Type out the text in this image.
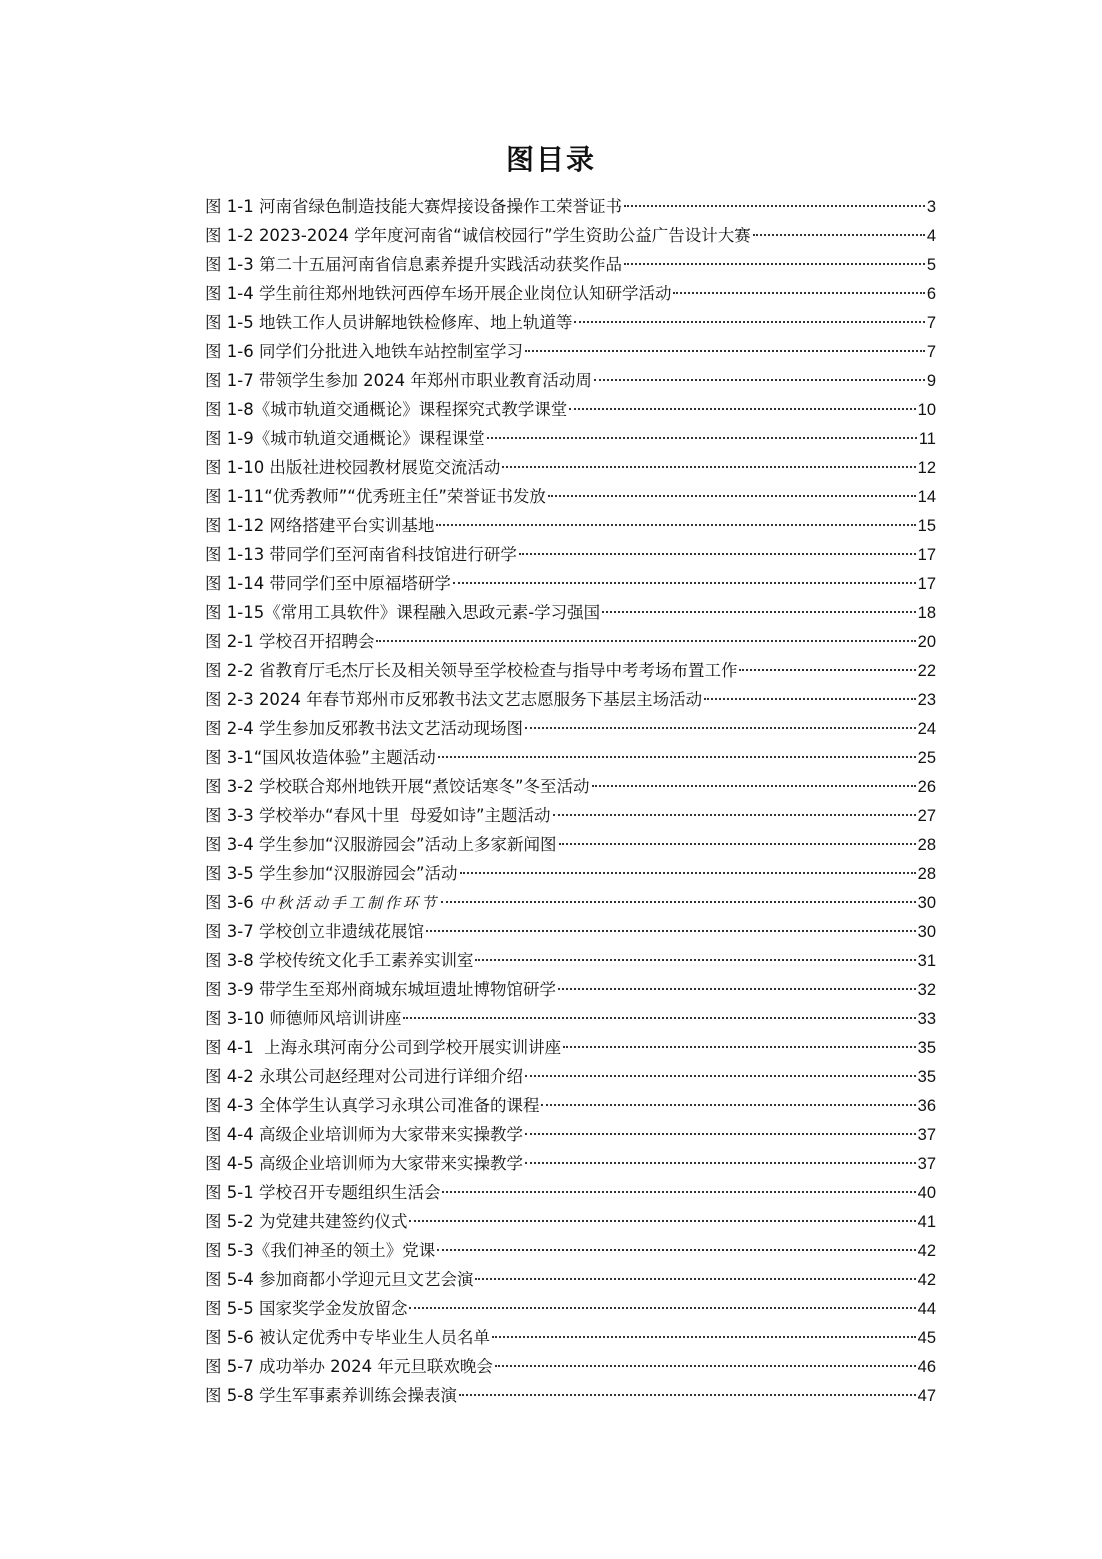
图目录
图 1-1 河南省绿色制造技能大赛焊接设备操作工荣誉证书	3
图 1-2 2023-2024 学年度河南省“诚信校园行”学生资助公益广告设计大赛	4
图 1-3 第二十五届河南省信息素养提升实践活动获奖作品	5
图 1-4 学生前往郑州地铁河西停车场开展企业岗位认知研学活动	6
图 1-5 地铁工作人员讲解地铁检修库、地上轨道等	7
图 1-6 同学们分批进入地铁车站控制室学习	7
图 1-7 带领学生参加 2024 年郑州市职业教育活动周	9
图 1-8《城市轨道交通概论》课程探究式教学课堂	10
图 1-9《城市轨道交通概论》课程课堂	11
图 1-10 出版社进校园教材展览交流活动	12
图 1-11“优秀教师”“优秀班主任”荣誉证书发放	14
图 1-12 网络搭建平台实训基地	15
图 1-13 带同学们至河南省科技馆进行研学	17
图 1-14 带同学们至中原福塔研学	17
图 1-15《常用工具软件》课程融入思政元素-学习强国	18
图 2-1 学校召开招聘会	20
图 2-2 省教育厅毛杰厅长及相关领导至学校检查与指导中考考场布置工作	22
图 2-3 2024 年春节郑州市反邪教书法文艺志愿服务下基层主场活动	23
图 2-4 学生参加反邪教书法文艺活动现场图	24
图 3-1“国风妆造体验”主题活动	25
图 3-2 学校联合郑州地铁开展“煮饺话寒冬”冬至活动	26
图 3-3 学校举办“春风十里  母爱如诗”主题活动	27
图 3-4 学生参加“汉服游园会”活动上多家新闻图	28
图 3-5 学生参加“汉服游园会”活动	28
图 3-6 中秋活动手工制作环节	30
图 3-7 学校创立非遗绒花展馆	30
图 3-8 学校传统文化手工素养实训室	31
图 3-9 带学生至郑州商城东城垣遗址博物馆研学	32
图 3-10 师德师风培训讲座	33
图 4-1  上海永琪河南分公司到学校开展实训讲座	35
图 4-2 永琪公司赵经理对公司进行详细介绍	35
图 4-3 全体学生认真学习永琪公司准备的课程	36
图 4-4 高级企业培训师为大家带来实操教学	37
图 4-5 高级企业培训师为大家带来实操教学	37
图 5-1 学校召开专题组织生活会	40
图 5-2 为党建共建签约仪式	41
图 5-3《我们神圣的领土》党课	42
图 5-4 参加商都小学迎元旦文艺会演	42
图 5-5 国家奖学金发放留念	44
图 5-6 被认定优秀中专毕业生人员名单	45
图 5-7 成功举办 2024 年元旦联欢晚会	46
图 5-8 学生军事素养训练会操表演	47
